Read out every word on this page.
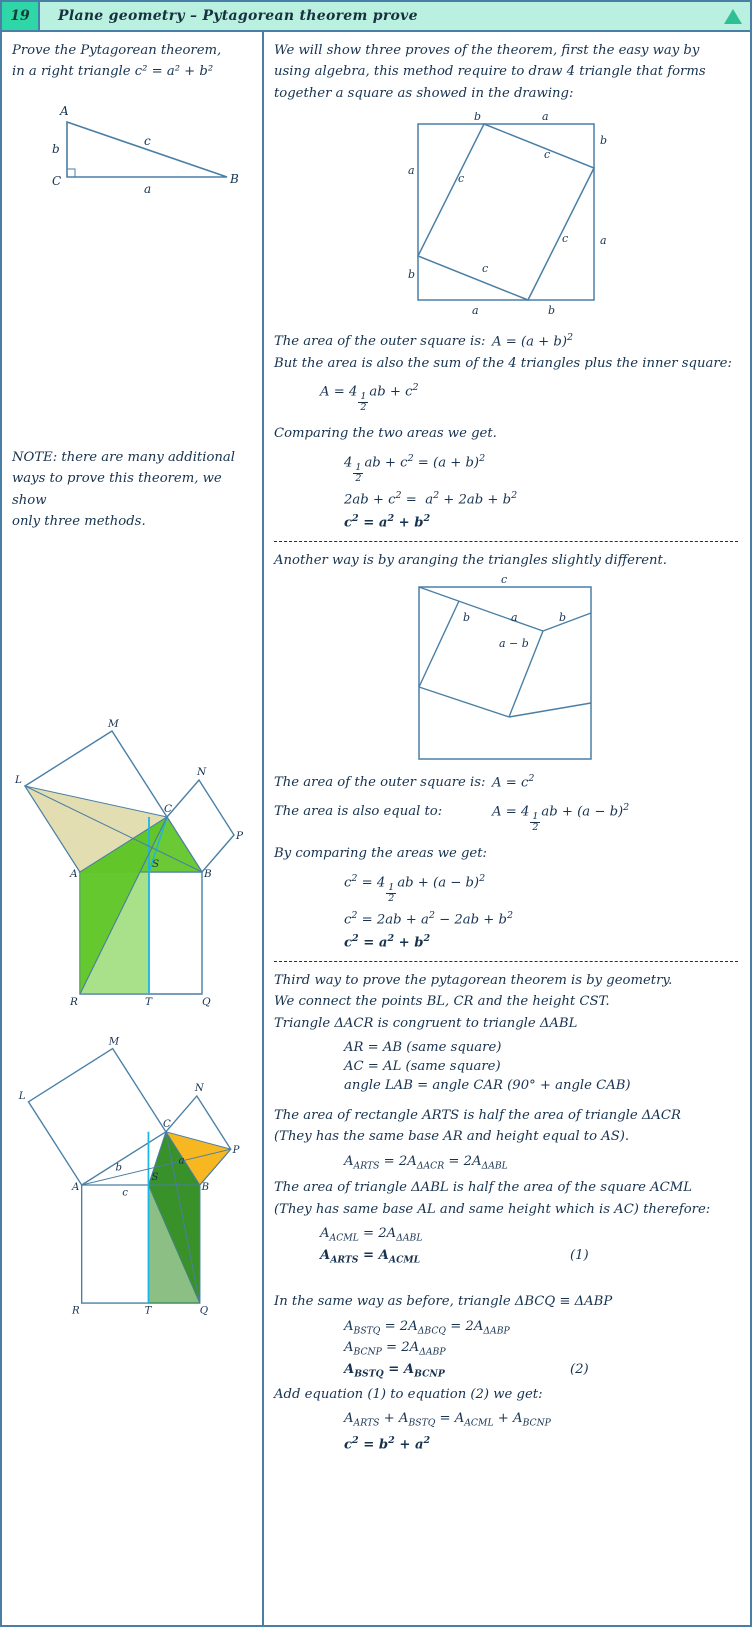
19	Plane geometry – Pytagorean theorem prove
Prove the Pytagorean theorem,
in a right triangle c² = a² + b²
A
B
C
a
b
c
NOTE: there are many additional
ways to prove this theorem, we show
only three methods.
M
L
N
P
C
A	B
S
R	T	Q
M
L
N
P
C
A	B
S
R	T	Q
b
a
c
We will show three proves of the theorem, first the easy way by
using algebra, this method require to draw 4 triangle that forms
together a square as showed in the drawing:
b	a
b
a
a	b
a
b
c
c
c
c
The area of the outer square is: $A = (a + b)^2$
But the area is also the sum of the 4 triangles plus the inner square:
A = 4
$\frac{1}{2}$
ab + $c^2$
Comparing the two areas we get.
4
$\frac{1}{2}$
ab + $c^2 = (a + b)^2$
$2ab + c^2 = a^2 + 2ab + b^2$
$c^2 = a^2 + b^2$
Another way is by aranging the triangles slightly different.
c
b	a	b
a − b
The area of the outer square is: $A = c^2$
The area is also equal to:	A = 4
$\frac{1}{2}$
ab + $(a - b)^2$
By comparing the areas we get:
$c^2 = 4$
$\frac{1}{2}$
ab + $(a - b)^2$
$c^2 = 2ab + a^2 - 2ab + b^2$
$c^2 = a^2 + b^2$
Third way to prove the pytagorean theorem is by geometry.
We connect the points BL, CR and the height CST.
Triangle ΔACR is congruent to triangle ΔABL
AR = AB (same square)
AC = AL (same square)
angle LAB = angle CAR (90° + angle CAB)
The area of rectangle ARTS is half the area of triangle ΔACR
(They has the same base AR and height equal to AS).
$A_{ARTS} = 2A_{\Delta ACR} = 2A_{\Delta ABL}$
The area of triangle ΔABL is half the area of the square ACML
(They has same base AL and same height which is AC) therefore:
$A_{ACML} = 2A_{\Delta ABL}$
$A_{ARTS} = A_{ACML}$	(1)
In the same way as before, triangle ΔBCQ ≡ ΔABP
$A_{BSTQ} = 2A_{\Delta BCQ} = 2A_{\Delta ABP}$
$A_{BCNP} = 2A_{\Delta ABP}$
$A_{BSTQ} = A_{BCNP}$	(2)
Add equation (1) to equation (2) we get:
$A_{ARTS} + A_{BSTQ} = A_{ACML} + A_{BCNP}$
$c^2 = b^2 + a^2$
